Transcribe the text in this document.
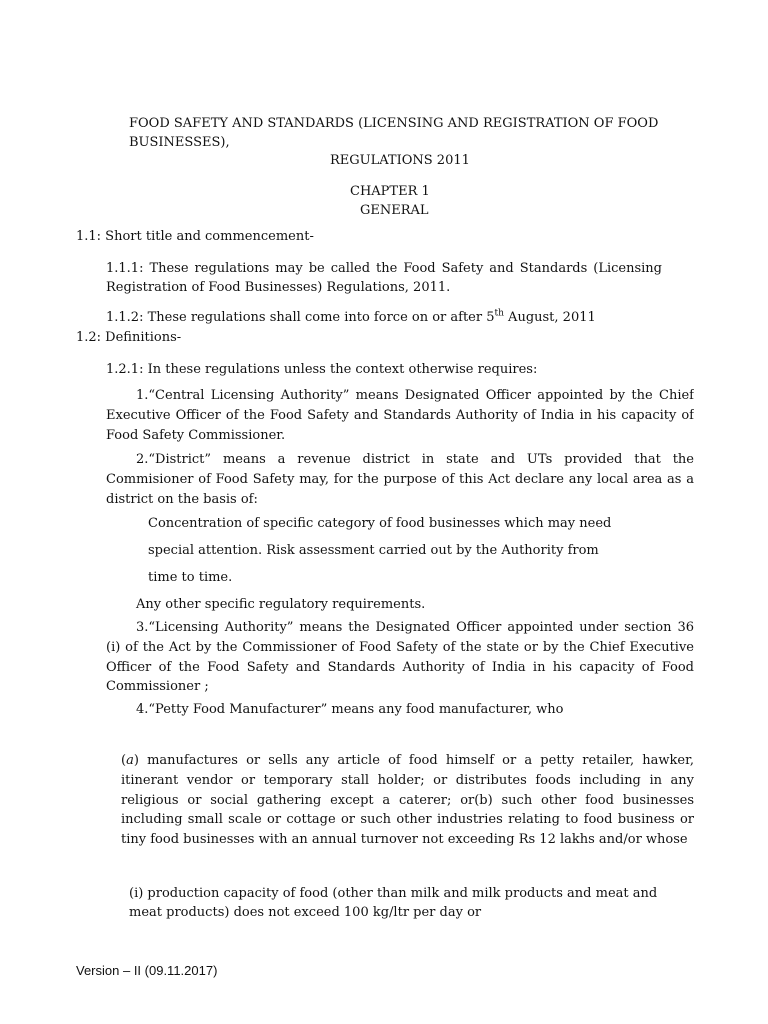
FOOD SAFETY AND STANDARDS (LICENSING AND REGISTRATION OF FOOD

BUSINESSES),

REGULATIONS 2011

CHAPTER 1

GENERAL

1.1: Short title and commencement-

1.1.1: These regulations may be called the Food Safety and Standards (Licensing

Registration of Food Businesses) Regulations, 2011.

1.1.2: These regulations shall come into force on or after 5th August, 2011

1.2: Definitions-

1.2.1: In these regulations unless the context otherwise requires:

1.“Central Licensing Authority” means Designated Officer appointed by the Chief

Executive Officer of the Food Safety and Standards Authority of India in his capacity of

Food Safety Commissioner.

2.“District” means a revenue district in state and UTs provided that the

Commisioner of Food Safety may, for the purpose of this Act declare any local area as a

district on the basis of:

Concentration of specific category of food businesses which may need

special attention. Risk assessment carried out by the Authority from

time to time.

Any other specific regulatory requirements.

3.“Licensing Authority” means the Designated Officer appointed under section 36

(i) of the Act by the Commissioner of Food Safety of the state or by the Chief Executive

Officer of the Food Safety and Standards Authority of India in his capacity of Food

Commissioner ;

4.“Petty Food Manufacturer” means any food manufacturer, who

(a) manufactures or sells any article of food himself or a petty retailer, hawker,

itinerant vendor or temporary stall holder; or distributes foods including in any

religious or social gathering except a caterer; or(b) such other food businesses

including small scale or cottage or such other industries relating to food business or

tiny food businesses with an annual turnover not exceeding Rs 12 lakhs and/or whose

(i) production capacity of food (other than milk and milk products and meat and

meat products) does not exceed 100 kg/ltr per day or

Version – II (09.11.2017)
